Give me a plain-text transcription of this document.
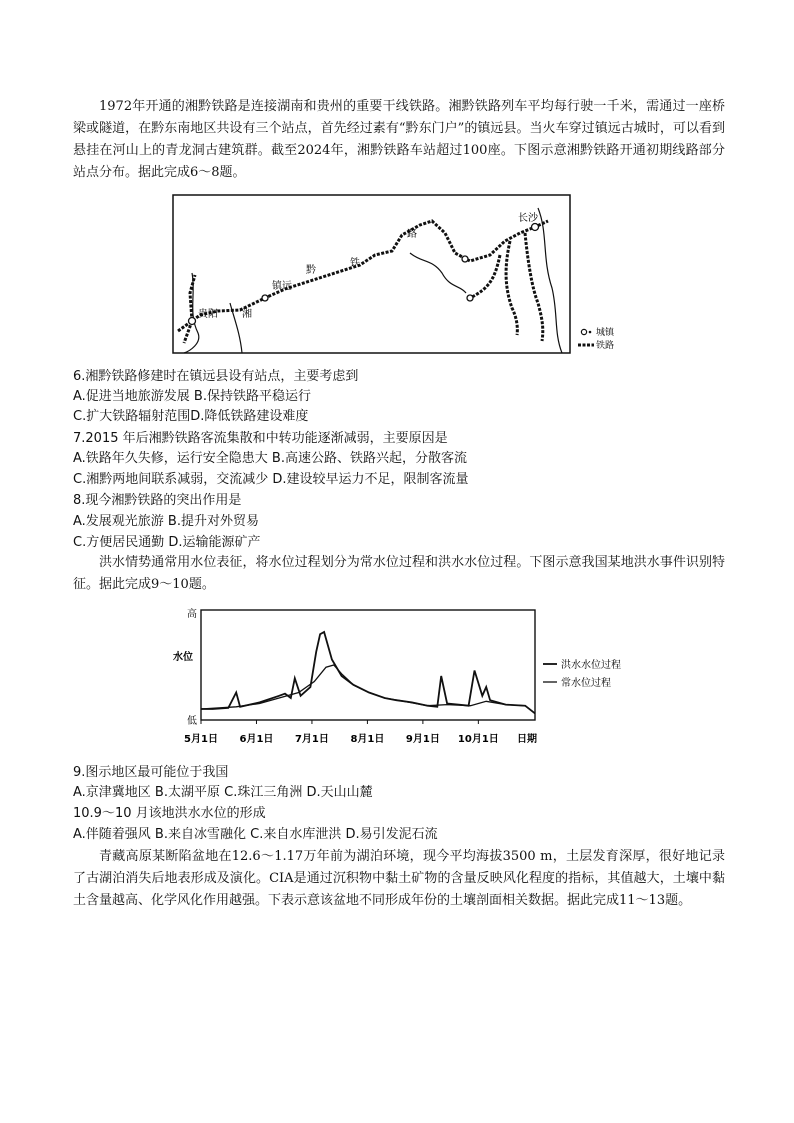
1972年开通的湘黔铁路是连接湖南和贵州的重要干线铁路。湘黔铁路列车平均每行驶一千米，需通过一座桥梁或隧道，在黔东南地区共设有三个站点，首先经过素有“黔东门户”的镇远县。当火车穿过镇远古城时，可以看到悬挂在河山上的青龙洞古建筑群。截至2024年，湘黔铁路车站超过100座。下图示意湘黔铁路开通初期线路部分站点分布。据此完成6～8题。

长沙
贵阳
镇远
湘
黔
铁
路
城镇
铁路
6.湘黔铁路修建时在镇远县设有站点，主要考虑到
A.促进当地旅游发展 B.保持铁路平稳运行
C.扩大铁路辐射范围D.降低铁路建设难度
7.2015 年后湘黔铁路客流集散和中转功能逐渐减弱，主要原因是
A.铁路年久失修，运行安全隐患大 B.高速公路、铁路兴起，分散客流
C.湘黔两地间联系减弱，交流减少 D.建设较早运力不足，限制客流量
8.现今湘黔铁路的突出作用是
A.发展观光旅游 B.提升对外贸易
C.方便居民通勤 D.运输能源矿产

洪水情势通常用水位表征，将水位过程划分为常水位过程和洪水水位过程。下图示意我国某地洪水事件识别特征。据此完成9～10题。

高
低
水位
5月1日 6月1日 7月1日 8月1日 9月1日 10月1日 日期
洪水水位过程
常水位过程
9.图示地区最可能位于我国
A.京津冀地区 B.太湖平原 C.珠江三角洲 D.天山山麓
10.9～10 月该地洪水水位的形成
A.伴随着强风 B.来自冰雪融化 C.来自水库泄洪 D.易引发泥石流

青藏高原某断陷盆地在12.6～1.17万年前为湖泊环境，现今平均海拔3500 m，土层发育深厚，很好地记录了古湖泊消失后地表形成及演化。CIA是通过沉积物中黏土矿物的含量反映风化程度的指标，其值越大，土壤中黏土含量越高、化学风化作用越强。下表示意该盆地不同形成年份的土壤剖面相关数据。据此完成11～13题。
